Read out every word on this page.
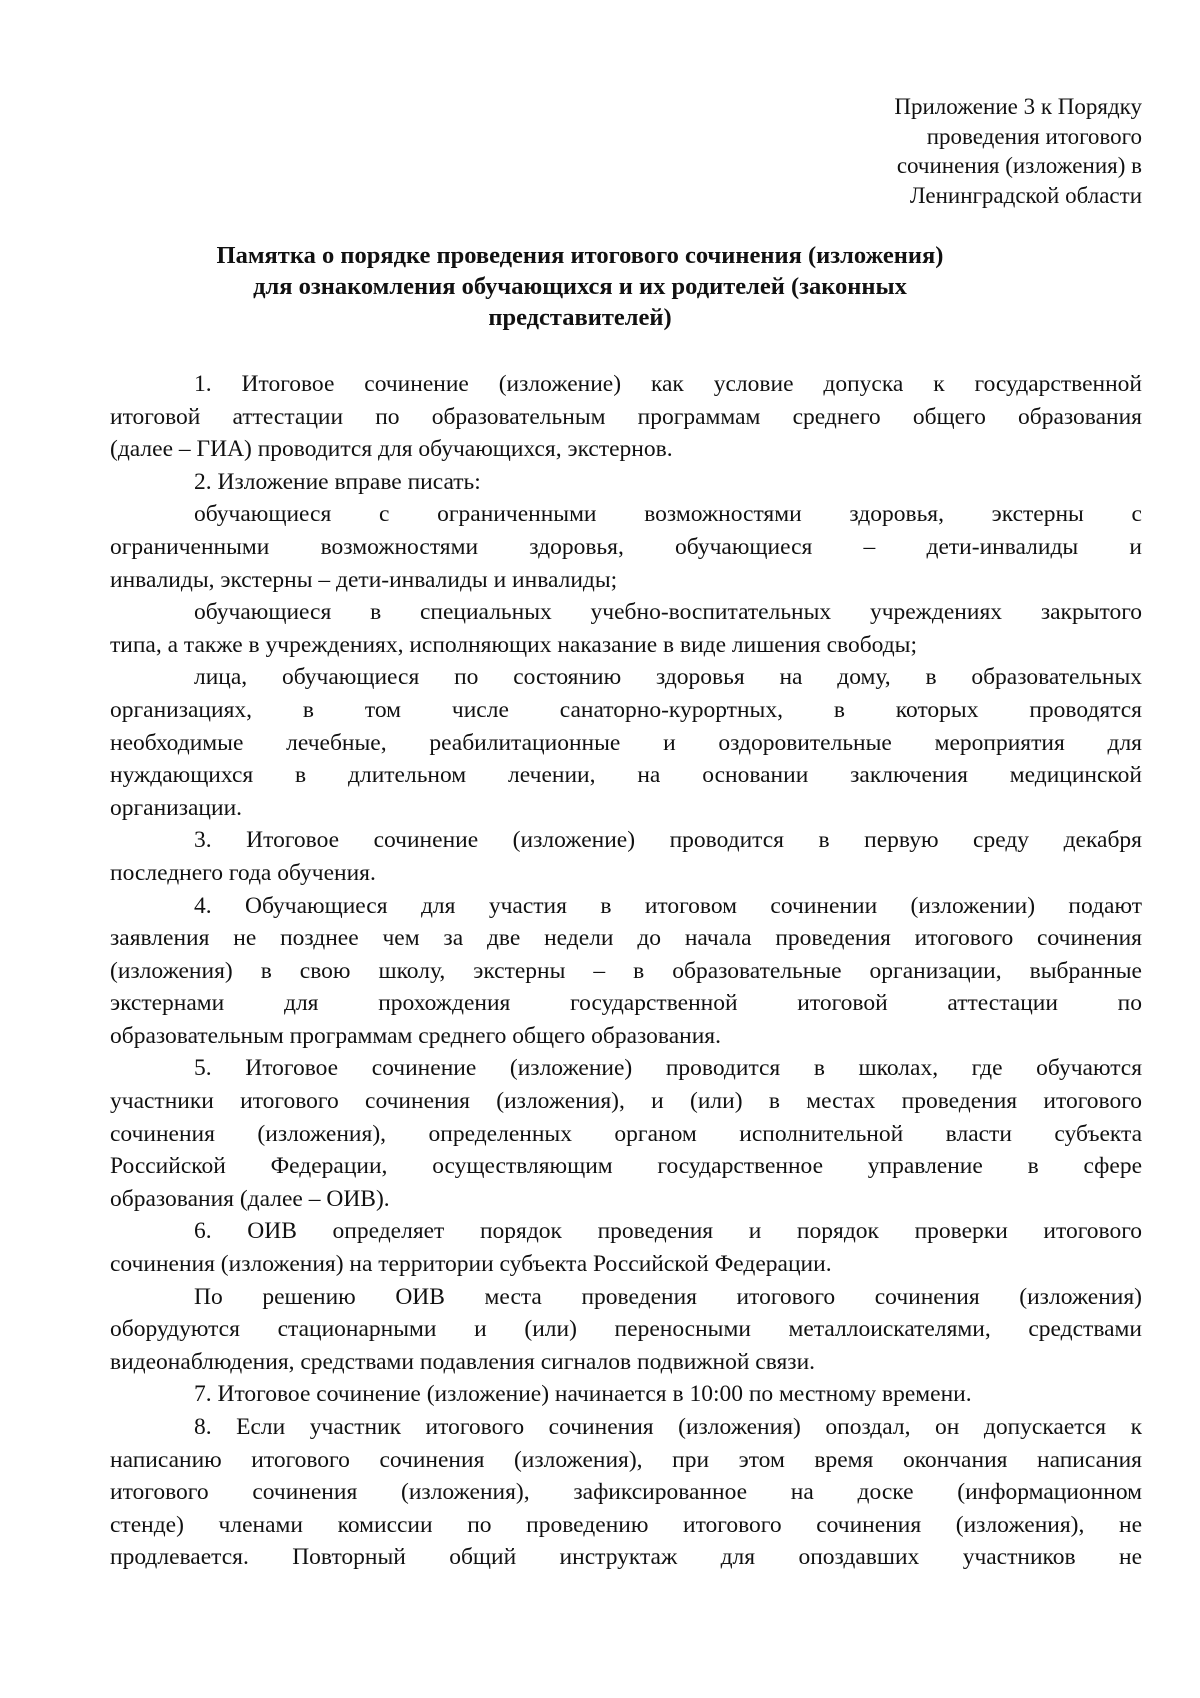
Приложение 3 к Порядку
проведения итогового
сочинения (изложения) в
Ленинградской области
Памятка о порядке проведения итогового сочинения (изложения)
для ознакомления обучающихся и их родителей (законных
представителей)
1. Итоговое сочинение (изложение) как условие допуска к государственной
итоговой аттестации по образовательным программам среднего общего образования
(далее – ГИА) проводится для обучающихся, экстернов.
2. Изложение вправе писать:
обучающиеся с ограниченными возможностями здоровья, экстерны с
ограниченными возможностями здоровья, обучающиеся – дети-инвалиды и
инвалиды, экстерны – дети-инвалиды и инвалиды;
обучающиеся в специальных учебно-воспитательных учреждениях закрытого
типа, а также в учреждениях, исполняющих наказание в виде лишения свободы;
лица, обучающиеся по состоянию здоровья на дому, в образовательных
организациях, в том числе санаторно-курортных, в которых проводятся
необходимые лечебные, реабилитационные и оздоровительные мероприятия для
нуждающихся в длительном лечении, на основании заключения медицинской
организации.
3. Итоговое сочинение (изложение) проводится в первую среду декабря
последнего года обучения.
4. Обучающиеся для участия в итоговом сочинении (изложении) подают
заявления не позднее чем за две недели до начала проведения итогового сочинения
(изложения) в свою школу, экстерны – в образовательные организации, выбранные
экстернами для прохождения государственной итоговой аттестации по
образовательным программам среднего общего образования.
5. Итоговое сочинение (изложение) проводится в школах, где обучаются
участники итогового сочинения (изложения), и (или) в местах проведения итогового
сочинения (изложения), определенных органом исполнительной власти субъекта
Российской Федерации, осуществляющим государственное управление в сфере
образования (далее – ОИВ).
6. ОИВ определяет порядок проведения и порядок проверки итогового
сочинения (изложения) на территории субъекта Российской Федерации.
По решению ОИВ места проведения итогового сочинения (изложения)
оборудуются стационарными и (или) переносными металлоискателями, средствами
видеонаблюдения, средствами подавления сигналов подвижной связи.
7. Итоговое сочинение (изложение) начинается в 10:00 по местному времени.
8. Если участник итогового сочинения (изложения) опоздал, он допускается к
написанию итогового сочинения (изложения), при этом время окончания написания
итогового сочинения (изложения), зафиксированное на доске (информационном
стенде) членами комиссии по проведению итогового сочинения (изложения), не
продлевается. Повторный общий инструктаж для опоздавших участников не
